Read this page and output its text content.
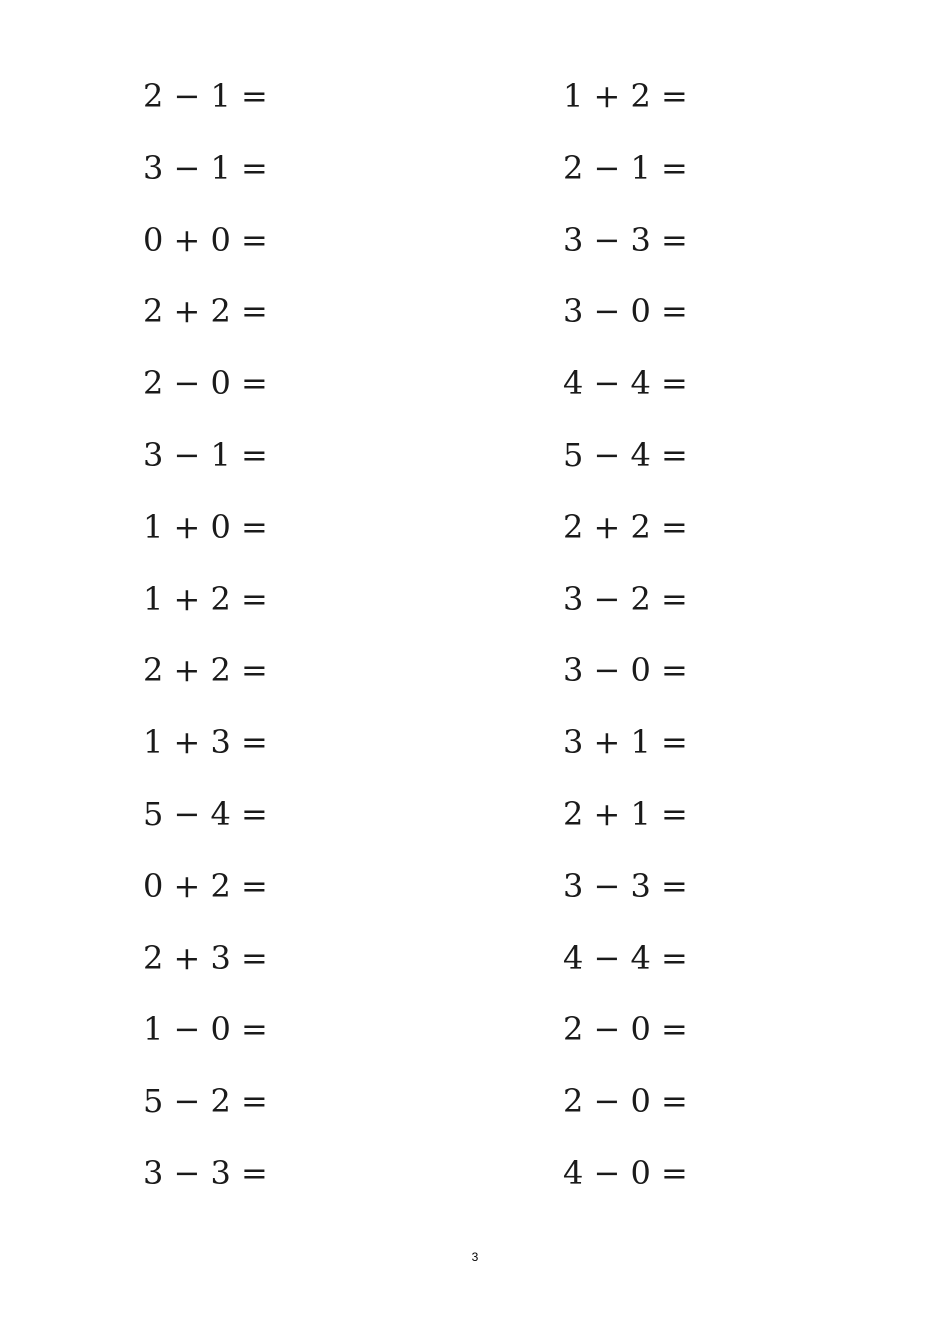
2 − 1 =
3 − 1 =
0 + 0 =
2 + 2 =
2 − 0 =
3 − 1 =
1 + 0 =
1 + 2 =
2 + 2 =
1 + 3 =
5 − 4 =
0 + 2 =
2 + 3 =
1 − 0 =
5 − 2 =
3 − 3 =
1 + 2 =
2 − 1 =
3 − 3 =
3 − 0 =
4 − 4 =
5 − 4 =
2 + 2 =
3 − 2 =
3 − 0 =
3 + 1 =
2 + 1 =
3 − 3 =
4 − 4 =
2 − 0 =
2 − 0 =
4 − 0 =
3
